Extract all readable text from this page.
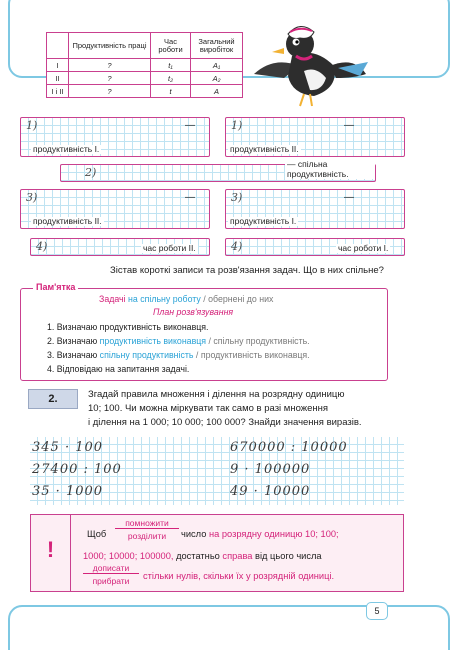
	Продуктивність праці	Час роботи	Загальний виробіток
І	?	t₁	A₁
ІІ	?	t₂	A₂
І і ІІ	?	t	A
1)	—
продуктивність І.
1)	—
продуктивність ІІ.
2)
— спільна продуктивність.
3)	—
продуктивність ІІ.
3)	—
продуктивність І.
4)	час роботи ІІ.	4)	час роботи І.
Зістав короткі записи та розв'язання задач. Що в них спільне?
Пам'ятка
Задачі на спільну роботу / обернені до них
План розв'язування
1. Визначаю продуктивність виконавця.
2. Визначаю продуктивність виконавця / спільну продуктивність.
3. Визначаю спільну продуктивність / продуктивність виконавця.
4. Відповідаю на запитання задачі.
2.	Згадай правила множення і ділення на розрядну одиницю
10; 100. Чи можна міркувати так само в разі множення
і ділення на 1 000; 10 000; 100 000? Знайди значення виразів.
345 · 100
27400 : 100
35 · 1000
670000 : 10000
9 · 100000
49 · 10000
!
Щоб
помножити
розділити	число на розрядну одиницю 10; 100;
1000; 10000; 100000, достатньо справа від цього числа
дописати
прибрати	стільки нулів, скільки їх у розрядній одиниці.
5
